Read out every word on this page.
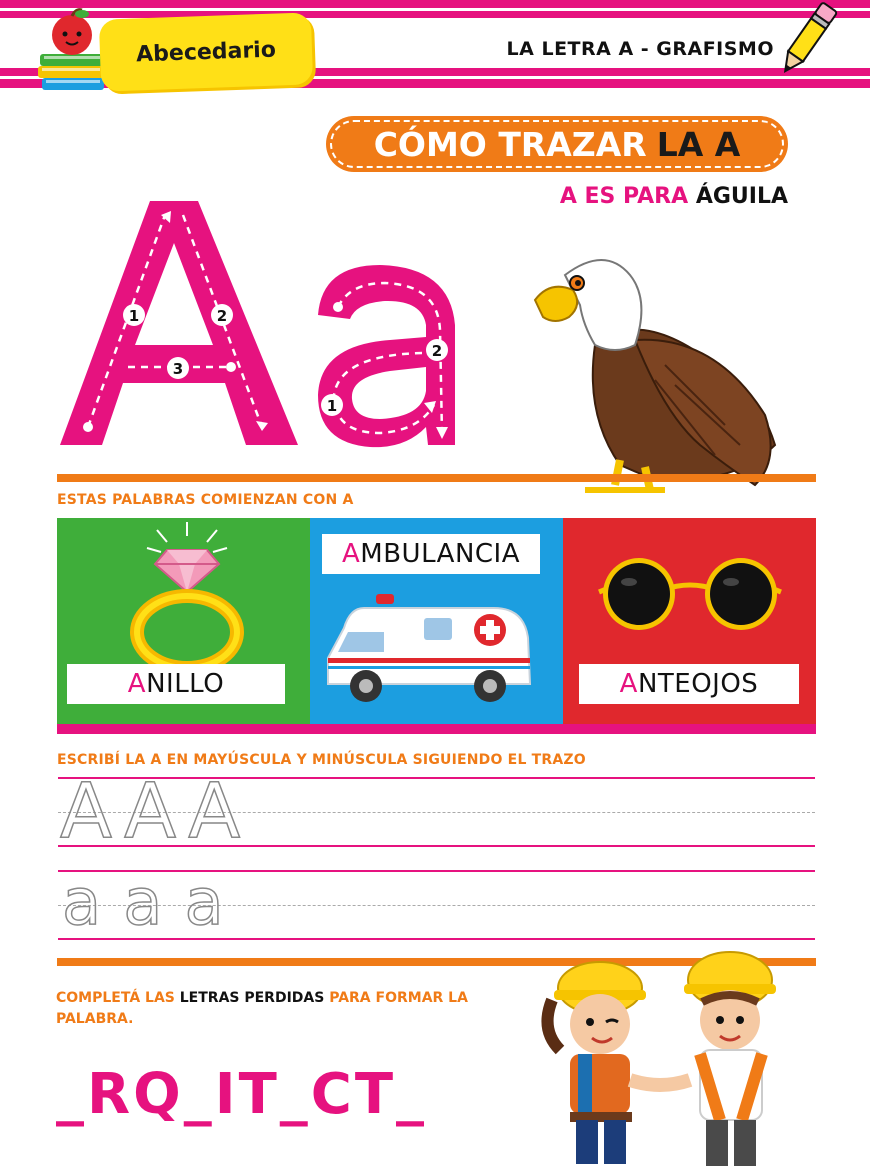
Abecedario	LA LETRA A - GRAFISMO
CÓMO TRAZAR LA A
A ES PARA ÁGUILA
1	2
3
2
1
ESTAS PALABRAS COMIENZAN CON A
A NILLO
A MBULANCIA
A NTEOJOS
ESCRIBÍ LA A EN MAYÚSCULA Y MINÚSCULA SIGUIENDO EL TRAZO
AAA
aaa
COMPLETÁ LAS LETRAS PERDIDAS PARA FORMAR LA PALABRA.
_RQ_IT_CT_
